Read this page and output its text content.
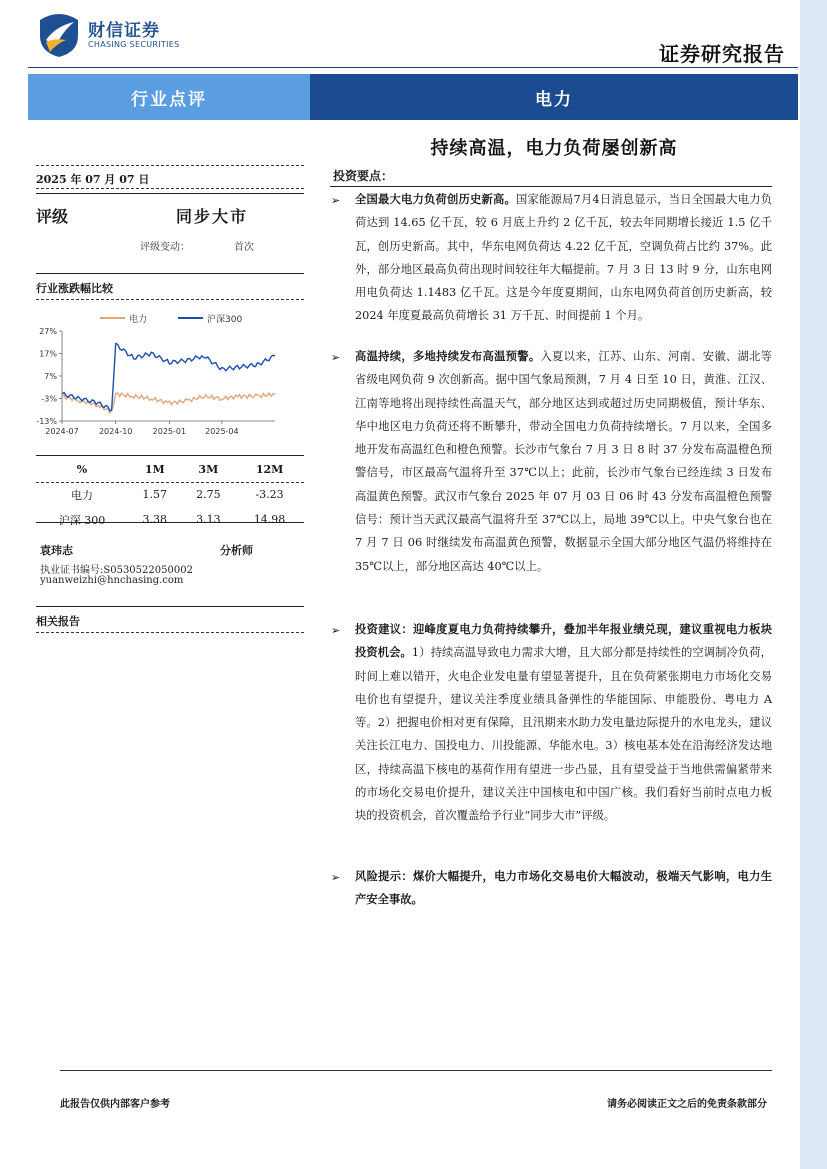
财信证券
CHASING SECURITIES	证券研究报告
行业点评	电力
持续高温，电力负荷屡创新高
2025 年 07 月 07 日
评级	同步大市
评级变动：	首次
行业涨跌幅比较
电力	沪深300
27%
17%
7%
-3%
-13%
2024-07	2024-10	2025-01 2025-04
%	1M	3M	12M
电力	1.57	2.75	-3.23
沪深 300	3.38	3.13	14.98
袁玮志	分析师
执业证书编号:S0530522050002
yuanweizhi@hnchasing.com
相关报告
投资要点：
➢ 全国最大电力负荷创历史新高。国家能源局7月4日消息显示，当日全国最大电力负荷达到 14.65 亿千瓦，较 6 月底上升约 2 亿千瓦，较去年同期增长接近 1.5 亿千瓦，创历史新高。其中，华东电网负荷达 4.22 亿千瓦，空调负荷占比约 37%。此外，部分地区最高负荷出现时间较往年大幅提前。7 月 3 日 13 时 9 分，山东电网用电负荷达 1.1483 亿千瓦。这是今年度夏期间，山东电网负荷首创历史新高，较 2024 年度夏最高负荷增长 31 万千瓦、时间提前 1 个月。
➢ 高温持续，多地持续发布高温预警。入夏以来，江苏、山东、河南、安徽、湖北等省级电网负荷 9 次创新高。据中国气象局预测，7 月 4 日至 10 日，黄淮、江汉、江南等地将出现持续性高温天气，部分地区达到或超过历史同期极值，预计华东、华中地区电力负荷还将不断攀升，带动全国电力负荷持续增长。7 月以来，全国多地开发布高温红色和橙色预警。长沙市气象台 7 月 3 日 8 时 37 分发布高温橙色预警信号，市区最高气温将升至 37℃以上；此前，长沙市气象台已经连续 3 日发布高温黄色预警。武汉市气象台 2025 年 07 月 03 日 06 时 43 分发布高温橙色预警信号：预计当天武汉最高气温将升至 37℃以上，局地 39℃以上。中央气象台也在 7 月 7 日 06 时继续发布高温黄色预警，数据显示全国大部分地区气温仍将维持在 35℃以上，部分地区高达 40℃以上。
➢ 投资建议：迎峰度夏电力负荷持续攀升，叠加半年报业绩兑现，建议重视电力板块投资机会。1）持续高温导致电力需求大增，且大部分都是持续性的空调制冷负荷，时间上难以错开，火电企业发电量有望显著提升，且在负荷紧张期电力市场化交易电价也有望提升，建议关注季度业绩具备弹性的华能国际、申能股份、粤电力 A 等。2）把握电价相对更有保障，且汛期来水助力发电量边际提升的水电龙头，建议关注长江电力、国投电力、川投能源、华能水电。3）核电基本处在沿海经济发达地区，持续高温下核电的基荷作用有望进一步凸显，且有望受益于当地供需偏紧带来的市场化交易电价提升，建议关注中国核电和中国广核。我们看好当前时点电力板块的投资机会，首次覆盖给予行业“同步大市”评级。
➢ 风险提示：煤价大幅提升，电力市场化交易电价大幅波动，极端天气影响，电力生产安全事故。
此报告仅供内部客户参考	请务必阅读正文之后的免责条款部分
